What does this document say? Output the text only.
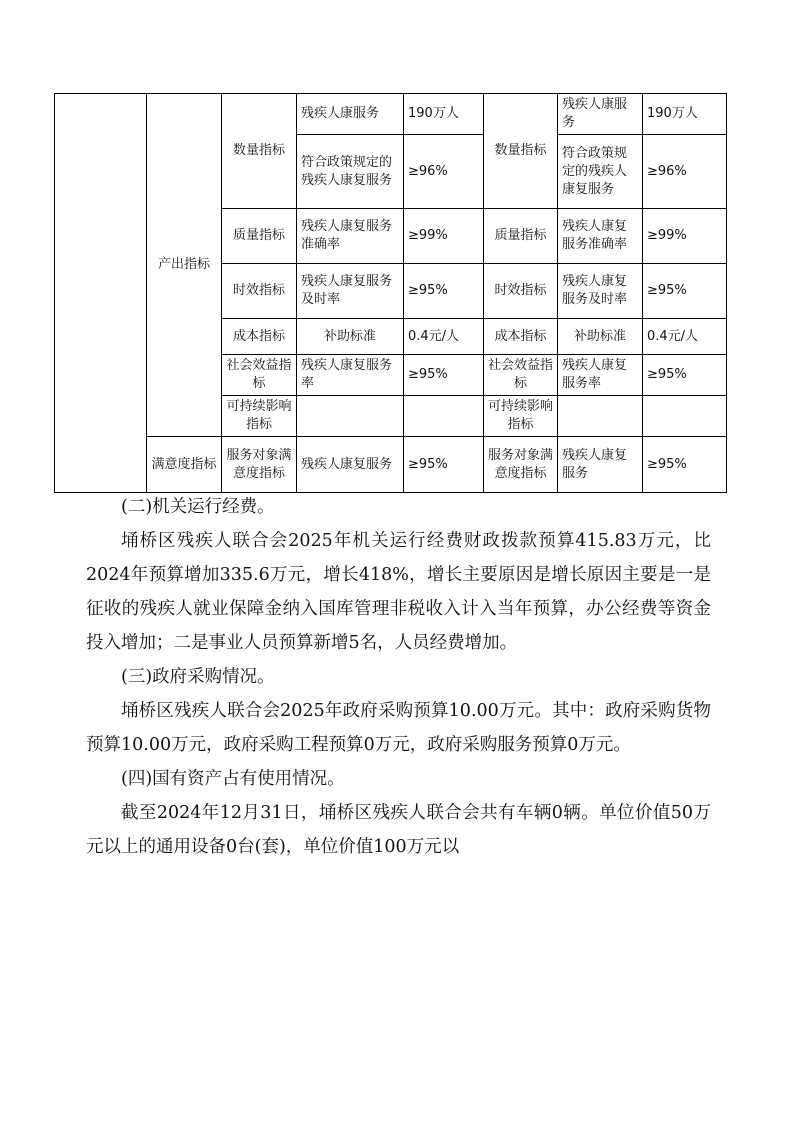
	产出指标	数量指标	残疾人康服务	190万人	数量指标	残疾人康服务	190万人
			符合政策规定的残疾人康复服务	≥96%		符合政策规定的残疾人康复服务	≥96%
		质量指标	残疾人康复服务准确率	≥99%	质量指标	残疾人康复服务准确率	≥99%
		时效指标	残疾人康复服务及时率	≥95%	时效指标	残疾人康复服务及时率	≥95%
		成本指标	补助标准	0.4元/人	成本指标	补助标准	0.4元/人
		社会效益指标	残疾人康复服务率	≥95%	社会效益指标	残疾人康复服务率	≥95%
		可持续影响指标			可持续影响指标		
	满意度指标	服务对象满意度指标	残疾人康复服务	≥95%	服务对象满意度指标	残疾人康复服务	≥95%

(二)机关运行经费。

埇桥区残疾人联合会2025年机关运行经费财政拨款预算415.83万元，比 2024年预算增加335.6万元，增长418%，增长主要原因是增长原因主要是一是征收的残疾人就业保障金纳入国库管理非税收入计入当年预算，办公经费等资金投入增加；二是事业人员预算新增5名，人员经费增加。

(三)政府采购情况。

埇桥区残疾人联合会2025年政府采购预算10.00万元。其中：政府采购货物预算10.00万元，政府采购工程预算0万元，政府采购服务预算0万元。

(四)国有资产占有使用情况。

截至2024年12月31日，埇桥区残疾人联合会共有车辆0辆。单位价值50万元以上的通用设备0台(套)，单位价值100万元以
